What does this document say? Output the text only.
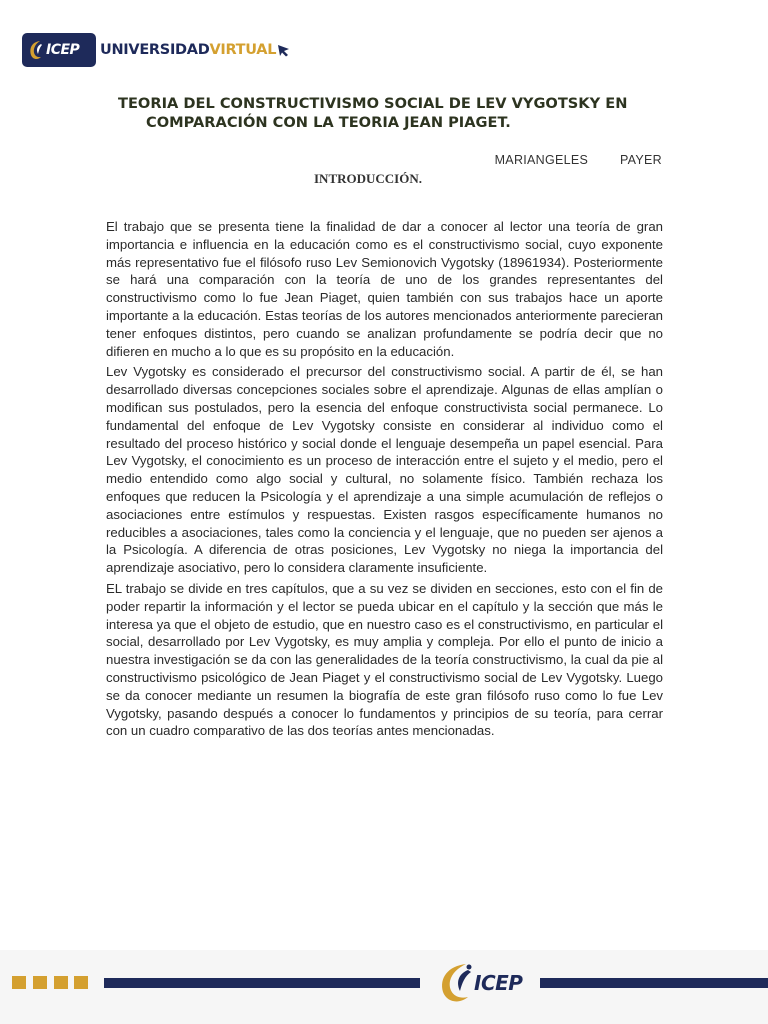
ICEP UNIVERSIDAD VIRTUAL
TEORIA DEL CONSTRUCTIVISMO SOCIAL DE LEV VYGOTSKY EN
COMPARACIÓN CON LA TEORIA JEAN PIAGET.
MARIANGELES PAYER
INTRODUCCIÓN.

El trabajo que se presenta tiene la finalidad de dar a conocer al lector una teoría de gran importancia e influencia en la educación como es el constructivismo social, cuyo exponente más representativo fue el filósofo ruso Lev Semionovich Vygotsky (18961934). Posteriormente se hará una comparación con la teoría de uno de los grandes representantes del constructivismo como lo fue Jean Piaget, quien también con sus trabajos hace un aporte importante a la educación. Estas teorías de los autores mencionados anteriormente parecieran tener enfoques distintos, pero cuando se analizan profundamente se podría decir que no difieren en mucho a lo que es su propósito en la educación.

Lev Vygotsky es considerado el precursor del constructivismo social. A partir de él, se han desarrollado diversas concepciones sociales sobre el aprendizaje. Algunas de ellas amplían o modifican sus postulados, pero la esencia del enfoque constructivista social permanece. Lo fundamental del enfoque de Lev Vygotsky consiste en considerar al individuo como el resultado del proceso histórico y social donde el lenguaje desempeña un papel esencial. Para Lev Vygotsky, el conocimiento es un proceso de interacción entre el sujeto y el medio, pero el medio entendido como algo social y cultural, no solamente físico. También rechaza los enfoques que reducen la Psicología y el aprendizaje a una simple acumulación de reflejos o asociaciones entre estímulos y respuestas. Existen rasgos específicamente humanos no reducibles a asociaciones, tales como la conciencia y el lenguaje, que no pueden ser ajenos a la Psicología. A diferencia de otras posiciones, Lev Vygotsky no niega la importancia del aprendizaje asociativo, pero lo considera claramente insuficiente.

EL trabajo se divide en tres capítulos, que a su vez se dividen en secciones, esto con el fin de poder repartir la información y el lector se pueda ubicar en el capítulo y la sección que más le interesa ya que el objeto de estudio, que en nuestro caso es el constructivismo, en particular el social, desarrollado por Lev Vygotsky, es muy amplia y compleja. Por ello el punto de inicio a nuestra investigación se da con las generalidades de la teoría constructivismo, la cual da pie al constructivismo psicológico de Jean Piaget y el constructivismo social de Lev Vygotsky. Luego se da conocer mediante un resumen la biografía de este gran filósofo ruso como lo fue Lev Vygotsky, pasando después a conocer lo fundamentos y principios de su teoría, para cerrar con un cuadro comparativo de las dos teorías antes mencionadas.

ICEP
